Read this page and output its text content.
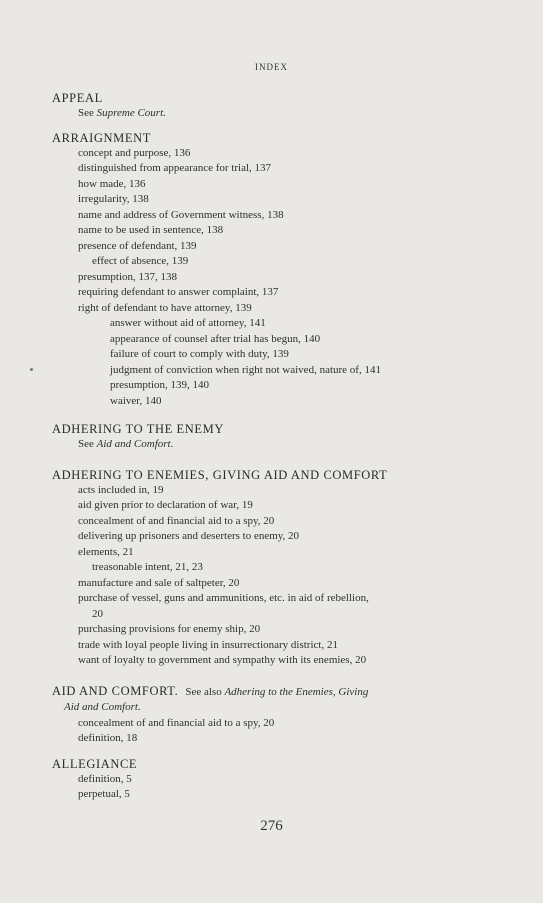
INDEX
APPEAL
See Supreme Court.
ARRAIGNMENT
concept and purpose, 136
distinguished from appearance for trial, 137
how made, 136
irregularity, 138
name and address of Government witness, 138
name to be used in sentence, 138
presence of defendant, 139
effect of absence, 139
presumption, 137, 138
requiring defendant to answer complaint, 137
right of defendant to have attorney, 139
answer without aid of attorney, 141
appearance of counsel after trial has begun, 140
failure of court to comply with duty, 139
judgment of conviction when right not waived, nature of, 141
presumption, 139, 140
waiver, 140
ADHERING TO THE ENEMY
See Aid and Comfort.
ADHERING TO ENEMIES, GIVING AID AND COMFORT
acts included in, 19
aid given prior to declaration of war, 19
concealment of and financial aid to a spy, 20
delivering up prisoners and deserters to enemy, 20
elements, 21
treasonable intent, 21, 23
manufacture and sale of saltpeter, 20
purchase of vessel, guns and ammunitions, etc. in aid of rebellion,
20
purchasing provisions for enemy ship, 20
trade with loyal people living in insurrectionary district, 21
want of loyalty to government and sympathy with its enemies, 20
AID AND COMFORT. See also Adhering to the Enemies, Giving
Aid and Comfort.
concealment of and financial aid to a spy, 20
definition, 18
ALLEGIANCE
definition, 5
perpetual, 5
276
